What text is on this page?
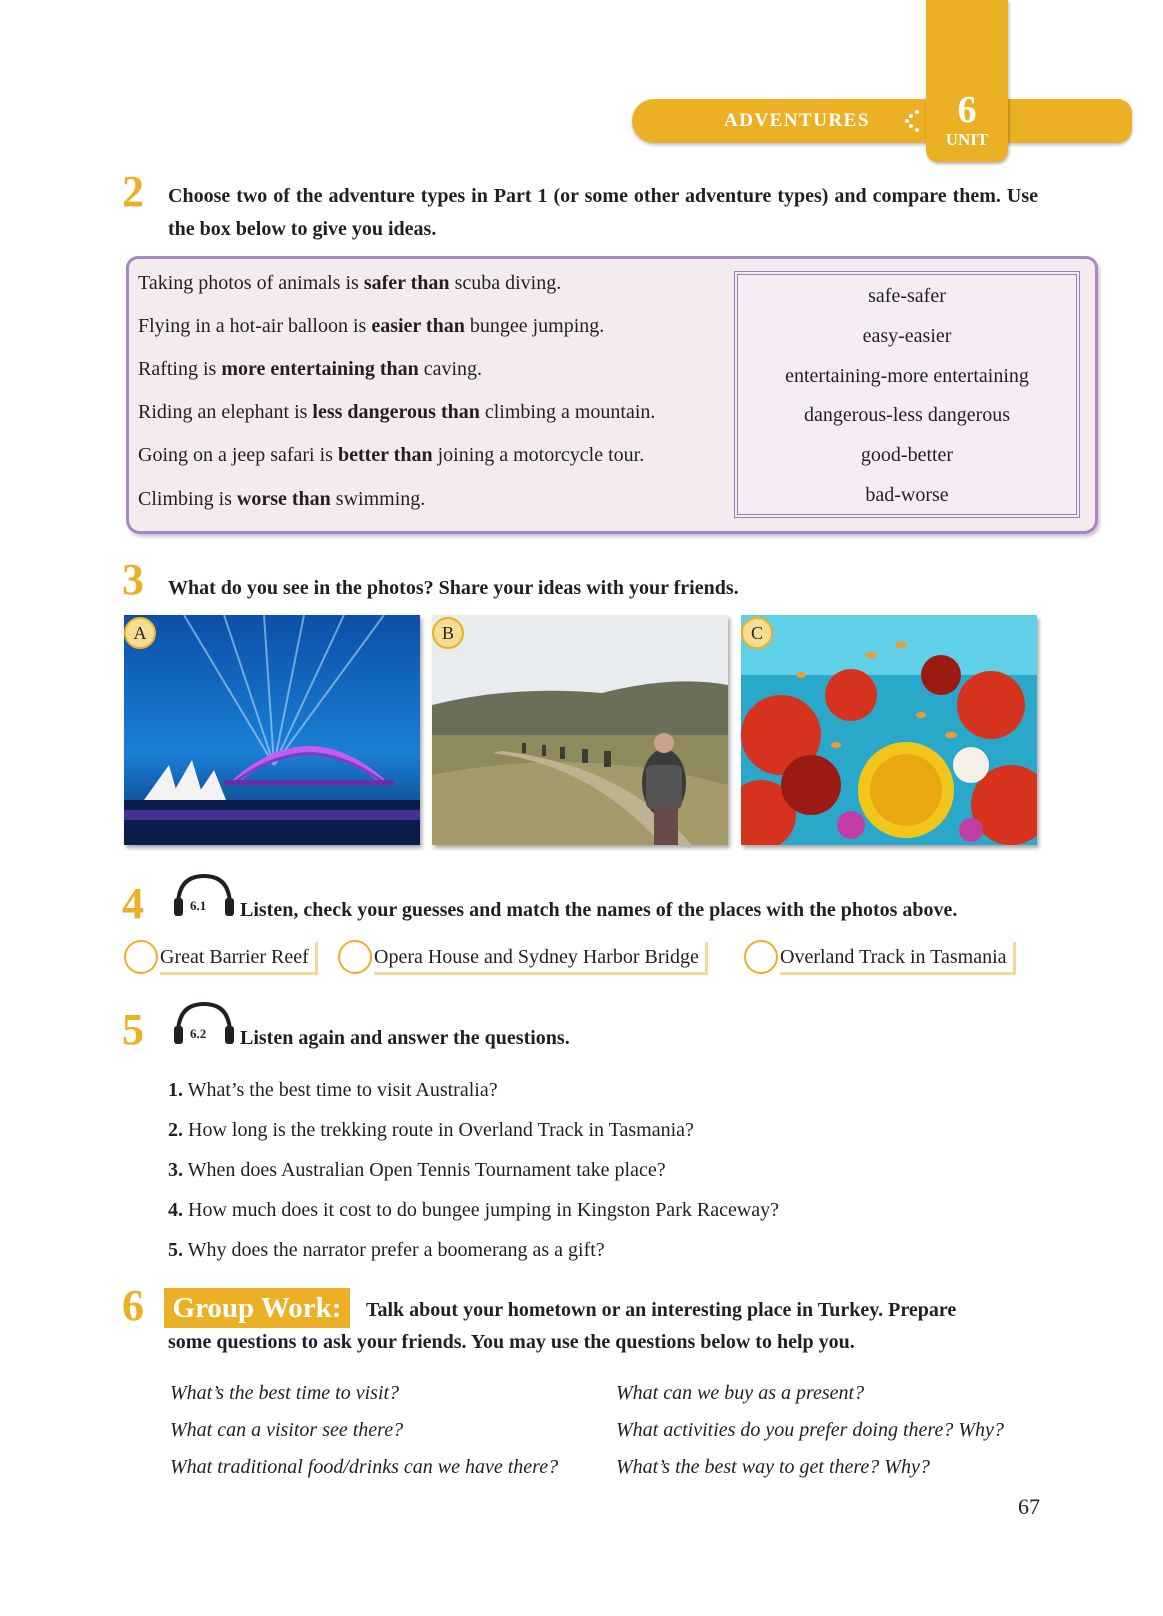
ADVENTURES	6
UNIT
2 Choose two of the adventure types in Part 1 (or some other adventure types) and compare them. Use the box below to give you ideas.
Taking photos of animals is safer than scuba diving.
Flying in a hot-air balloon is easier than bungee jumping.
Rafting is more entertaining than caving.
Riding an elephant is less dangerous than climbing a mountain.
Going on a jeep safari is better than joining a motorcycle tour.
Climbing is worse than swimming.
safe-safer
easy-easier
entertaining-more entertaining
dangerous-less dangerous
good-better
bad-worse
3 What do you see in the photos? Share your ideas with your friends.
A	B	C
4	6.1	Listen, check your guesses and match the names of the places with the photos above.
Great Barrier Reef	Opera House and Sydney Harbor Bridge	Overland Track in Tasmania
5	6.2	Listen again and answer the questions.
1. What’s the best time to visit Australia?
2. How long is the trekking route in Overland Track in Tasmania?
3. When does Australian Open Tennis Tournament take place?
4. How much does it cost to do bungee jumping in Kingston Park Raceway?
5. Why does the narrator prefer a boomerang as a gift?
6 Group Work:	Talk about your hometown or an interesting place in Turkey. Prepare
some questions to ask your friends. You may use the questions below to help you.
What’s the best time to visit?
What can a visitor see there?
What traditional food/drinks can we have there?
What can we buy as a present?
What activities do you prefer doing there? Why?
What’s the best way to get there? Why?
67
